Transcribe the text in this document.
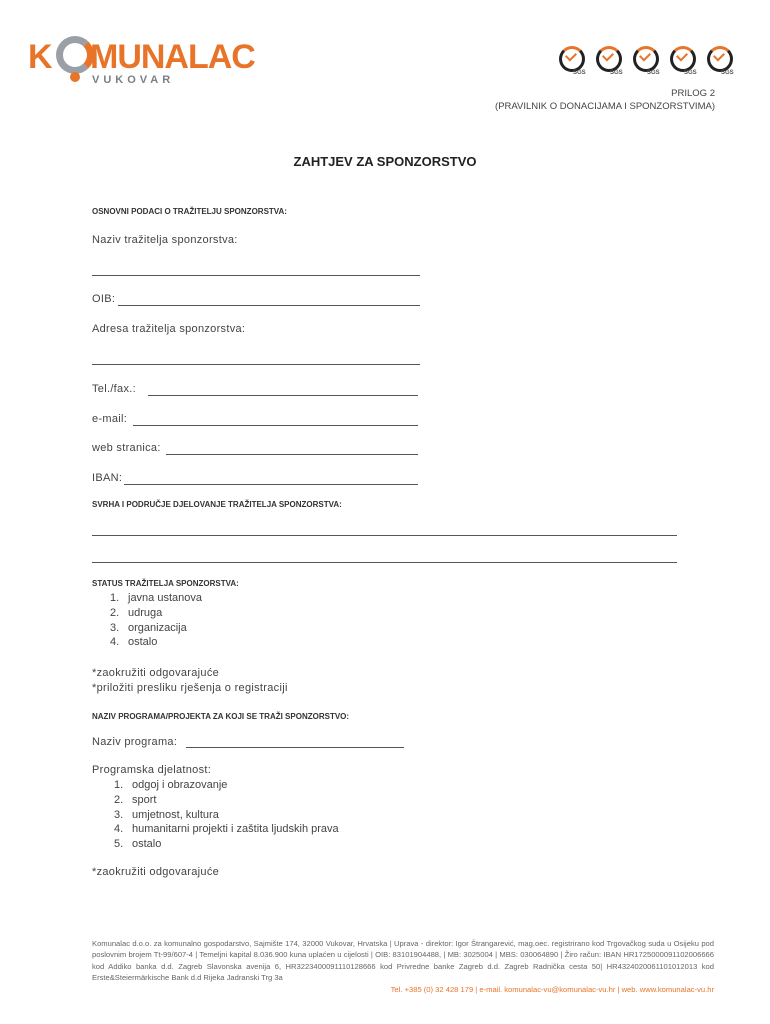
K MUNALAC
VUKOVAR
SGS	SGS	SGS	SGS	SGS
PRILOG 2
(PRAVILNIK O DONACIJAMA I SPONZORSTVIMA)
ZAHTJEV ZA SPONZORSTVO
OSNOVNI PODACI O TRAŽITELJU SPONZORSTVA:
Naziv tražitelja sponzorstva:
OIB:
Adresa tražitelja sponzorstva:
Tel./fax.:
e-mail:
web stranica:
IBAN:
SVRHA I PODRUČJE DJELOVANJE TRAŽITELJA SPONZORSTVA:
STATUS TRAŽITELJA SPONZORSTVA:
1. javna ustanova
2. udruga
3. organizacija
4. ostalo
*zaokružiti odgovarajuće
*priložiti presliku rješenja o registraciji
NAZIV PROGRAMA/PROJEKTA ZA KOJI SE TRAŽI SPONZORSTVO:
Naziv programa:
Programska djelatnost:
1. odgoj i obrazovanje
2. sport
3. umjetnost, kultura
4. humanitarni projekti i zaštita ljudskih prava
5. ostalo
*zaokružiti odgovarajuće
Komunalac d.o.o. za komunalno gospodarstvo, Sajmište 174, 32000 Vukovar, Hrvatska | Uprava - direktor: Igor Štrangarević, mag.oec. registrirano kod Trgovačkog suda u Osijeku pod poslovnim brojem Tt-99/607-4 | Temeljni kapital 8.036.900 kuna uplaćen u cijelosti | OIB: 83101904488, | MB: 3025004 | MBS: 030064890 | Žiro račun: IBAN HR1725000091102006666 kod Addiko banka d.d. Zagreb Slavonska avenija 6, HR3223400091110128666 kod Privredne banke Zagreb d.d. Zagreb Radnička cesta 50| HR4324020061101012013 kod Erste&Steiermärkische Bank d.d Rijeka Jadranski Trg 3a
Tel. +385 (0) 32 428 179 | e-mail. komunalac-vu@komunalac-vu.hr | web. www.komunalac-vu.hr
